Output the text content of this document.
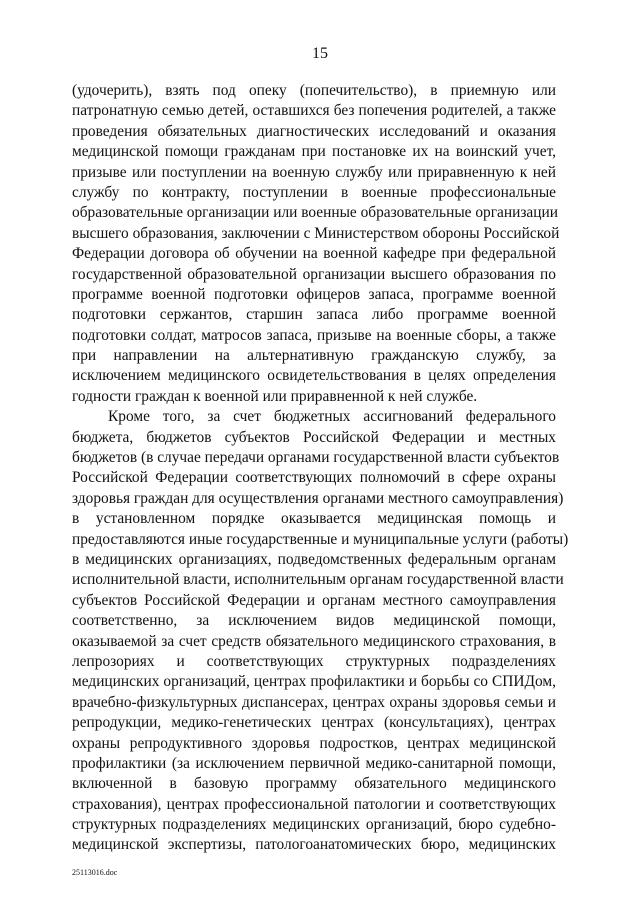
15
(удочерить), взять под опеку (попечительство), в приемную или
патронатную семью детей, оставшихся без попечения родителей, а также
проведения обязательных диагностических исследований и оказания
медицинской помощи гражданам при постановке их на воинский учет,
призыве или поступлении на военную службу или приравненную к ней
службу по контракту, поступлении в военные профессиональные
образовательные организации или военные образовательные организации
высшего образования, заключении с Министерством обороны Российской
Федерации договора об обучении на военной кафедре при федеральной
государственной образовательной организации высшего образования по
программе военной подготовки офицеров запаса, программе военной
подготовки сержантов, старшин запаса либо программе военной
подготовки солдат, матросов запаса, призыве на военные сборы, а также
при направлении на альтернативную гражданскую службу, за
исключением медицинского освидетельствования в целях определения
годности граждан к военной или приравненной к ней службе.
Кроме того, за счет бюджетных ассигнований федерального
бюджета, бюджетов субъектов Российской Федерации и местных
бюджетов (в случае передачи органами государственной власти субъектов
Российской Федерации соответствующих полномочий в сфере охраны
здоровья граждан для осуществления органами местного самоуправления)
в установленном порядке оказывается медицинская помощь и
предоставляются иные государственные и муниципальные услуги (работы)
в медицинских организациях, подведомственных федеральным органам
исполнительной власти, исполнительным органам государственной власти
субъектов Российской Федерации и органам местного самоуправления
соответственно, за исключением видов медицинской помощи,
оказываемой за счет средств обязательного медицинского страхования, в
лепрозориях и соответствующих структурных подразделениях
медицинских организаций, центрах профилактики и борьбы со СПИДом,
врачебно-физкультурных диспансерах, центрах охраны здоровья семьи и
репродукции, медико-генетических центрах (консультациях), центрах
охраны репродуктивного здоровья подростков, центрах медицинской
профилактики (за исключением первичной медико-санитарной помощи,
включенной в базовую программу обязательного медицинского
страхования), центрах профессиональной патологии и соответствующих
структурных подразделениях медицинских организаций, бюро судебно-
медицинской экспертизы, патологоанатомических бюро, медицинских
25113016.doc
